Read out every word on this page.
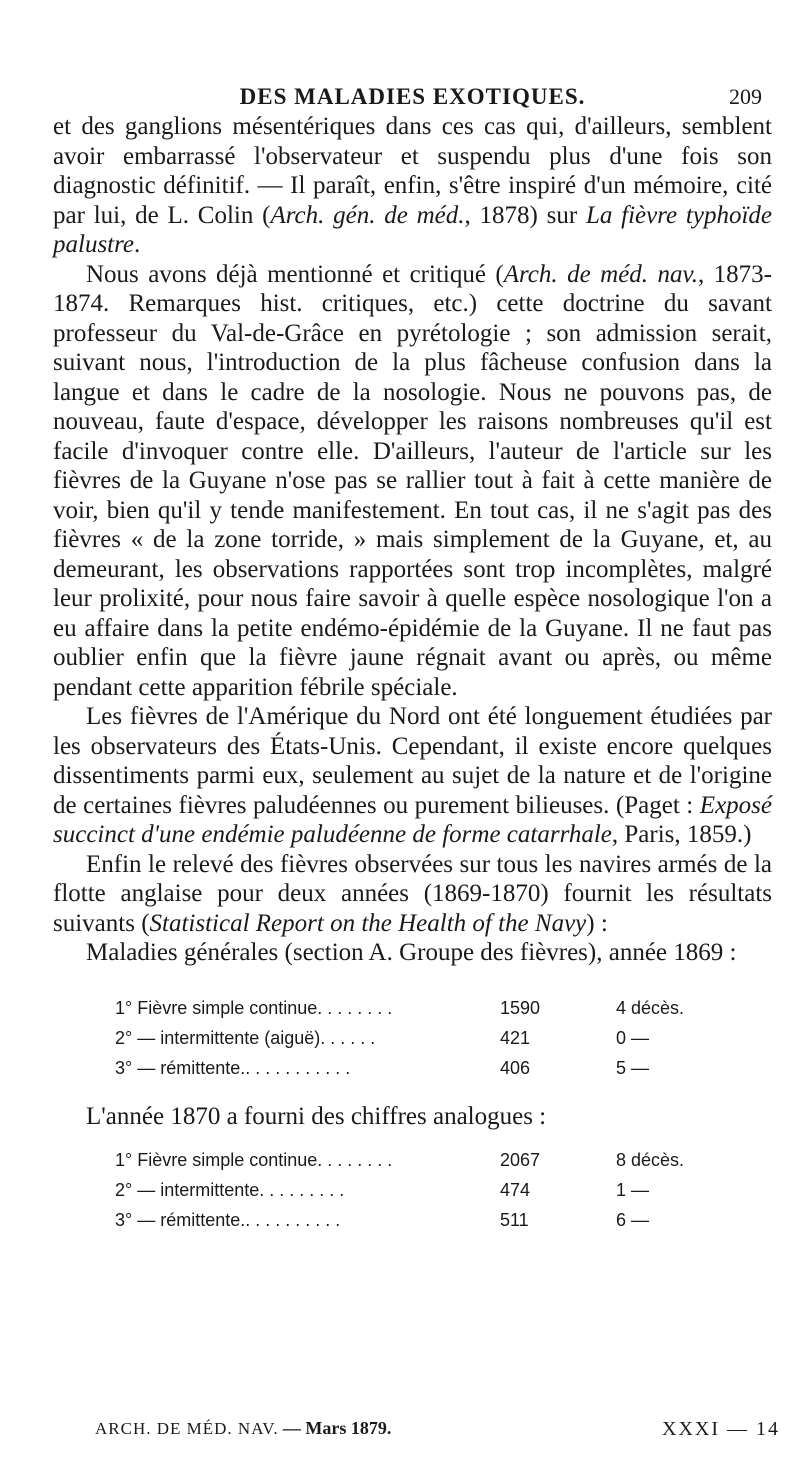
DES MALADIES EXOTIQUES.	209

et des ganglions mésentériques dans ces cas qui, d'ailleurs, semblent avoir embarrassé l'observateur et suspendu plus d'une fois son diagnostic définitif. — Il paraît, enfin, s'être inspiré d'un mémoire, cité par lui, de L. Colin (Arch. gén. de méd., 1878) sur La fièvre typhoïde palustre.

Nous avons déjà mentionné et critiqué (Arch. de méd. nav., 1873-1874. Remarques hist. critiques, etc.) cette doctrine du savant professeur du Val-de-Grâce en pyrétologie ; son admission serait, suivant nous, l'introduction de la plus fâcheuse confusion dans la langue et dans le cadre de la nosologie. Nous ne pouvons pas, de nouveau, faute d'espace, développer les raisons nombreuses qu'il est facile d'invoquer contre elle. D'ailleurs, l'auteur de l'article sur les fièvres de la Guyane n'ose pas se rallier tout à fait à cette manière de voir, bien qu'il y tende manifestement. En tout cas, il ne s'agit pas des fièvres « de la zone torride, » mais simplement de la Guyane, et, au demeurant, les observations rapportées sont trop incomplètes, malgré leur prolixité, pour nous faire savoir à quelle espèce nosologique l'on a eu affaire dans la petite endémo-épidémie de la Guyane. Il ne faut pas oublier enfin que la fièvre jaune régnait avant ou après, ou même pendant cette apparition fébrile spéciale.

Les fièvres de l'Amérique du Nord ont été longuement étudiées par les observateurs des États-Unis. Cependant, il existe encore quelques dissentiments parmi eux, seulement au sujet de la nature et de l'origine de certaines fièvres paludéennes ou purement bilieuses. (Paget : Exposé succinct d'une endémie paludéenne de forme catarrhale, Paris, 1859.)

Enfin le relevé des fièvres observées sur tous les navires armés de la flotte anglaise pour deux années (1869-1870) fournit les résultats suivants (Statistical Report on the Health of the Navy) :

Maladies générales (section A. Groupe des fièvres), année 1869 :

1° Fièvre simple continue. . . . . . . .	1590	4 décès.
2° — intermittente (aiguë). . . . . .	421	0 —
3° — rémittente.. . . . . . . . . . .	406	5 —

L'année 1870 a fourni des chiffres analogues :

1° Fièvre simple continue. . . . . . . .	2067	8 décès.
2° — intermittente. . . . . . . . .	474	1 —
3° — rémittente.. . . . . . . . . .	511	6 —
ARCH. DE MÉD. NAV. — Mars 1879.	XXXI — 14
